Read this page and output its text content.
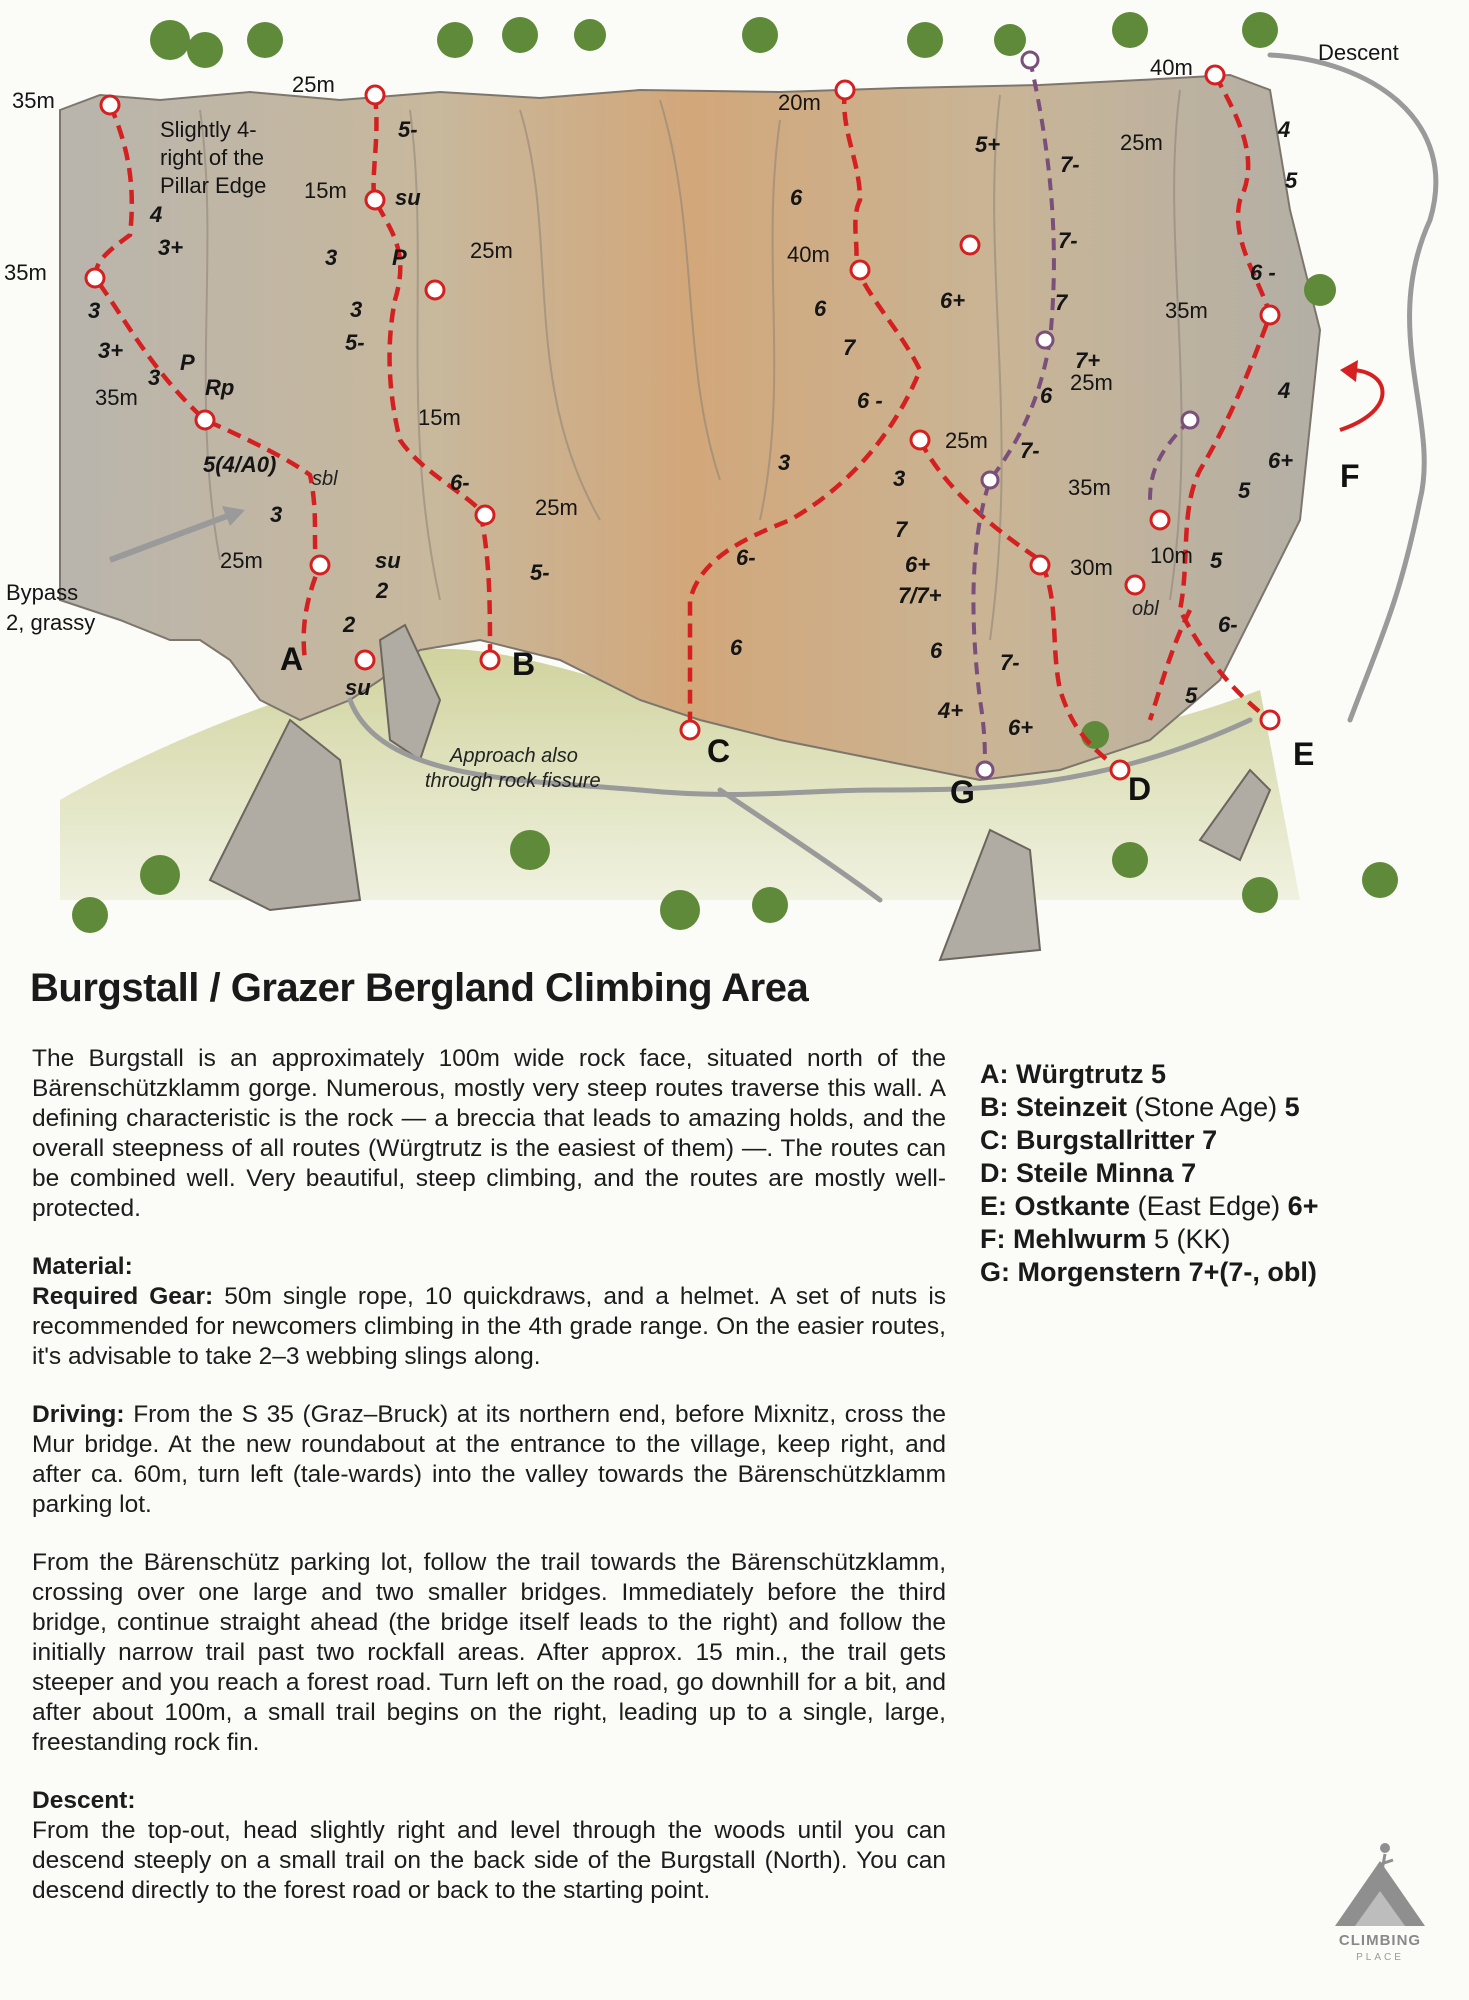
Descent
Bypass
2, grassy
Approach also
through rock fissure
Slightly 4-
right of the
Pillar Edge
35m
25m
35m
35m
25m
15m
25m
15m
25m
20m
40m
40m
25m
25m
25m
35m
35m
30m 10m
obl
4
3+
3
3+
3
P
Rp
5(4/A0)
3
2
2
su
su
sbl
5-
su
3 P
3
5-
6-
5-
3
6-
6
6
6
7
6 -
3
7
6+
7/7+
6
4+
7-
6+
5+
6+
7-
7-
7
7+
6
7-
4
5
6 -
4
6+
5
5
6-
5
A	B
C
D
E
F
G
Burgstall / Grazer Bergland Climbing Area

The Burgstall is an approximately 100m wide rock face, situated north of the Bärenschützklamm gorge. Numerous, mostly very steep routes traverse this wall. A defining characteristic is the rock — a breccia that leads to amazing holds, and the overall steepness of all routes (Würgtrutz is the easiest of them) —. The routes can be combined well. Very beautiful, steep climbing, and the routes are mostly well-protected.

Material:
Required Gear: 50m single rope, 10 quickdraws, and a helmet. A set of nuts is recommended for newcomers climbing in the 4th grade range. On the easier routes, it's advisable to take 2–3 webbing slings along.

Driving: From the S 35 (Graz–Bruck) at its northern end, before Mixnitz, cross the Mur bridge. At the new roundabout at the entrance to the village, keep right, and after ca. 60m, turn left (tale-wards) into the valley towards the Bärenschützklamm parking lot.

From the Bärenschütz parking lot, follow the trail towards the Bärenschützklamm, crossing over one large and two smaller bridges. Immediately before the third bridge, continue straight ahead (the bridge itself leads to the right) and follow the initially narrow trail past two rockfall areas. After approx. 15 min., the trail gets steeper and you reach a forest road. Turn left on the road, go downhill for a bit, and after about 100m, a small trail begins on the right, leading up to a single, large, freestanding rock fin.

Descent:
From the top-out, head slightly right and level through the woods until you can descend steeply on a small trail on the back side of the Burgstall (North). You can descend directly to the forest road or back to the starting point.

A: Würgtrutz 5
B: Steinzeit (Stone Age) 5
C: Burgstallritter 7
D: Steile Minna 7
E: Ostkante (East Edge) 6+
F: Mehlwurm 5 (KK)
G: Morgenstern 7+(7-, obl)
CLIMBING
PLACE
